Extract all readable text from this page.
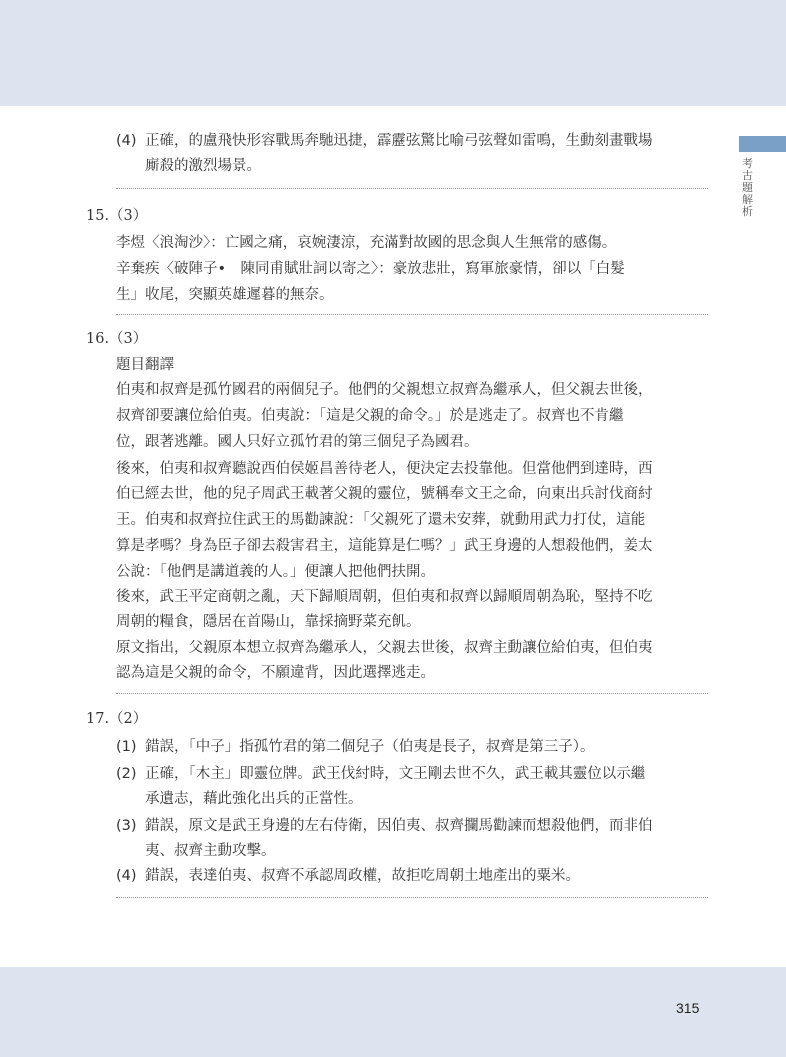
考古題解析
(4) 正確，的盧飛快形容戰馬奔馳迅捷，霹靂弦驚比喻弓弦聲如雷鳴，生動刻畫戰場
廝殺的激烈場景。
15.（3）
李煜〈浪淘沙〉：亡國之痛，哀婉淒涼，充滿對故國的思念與人生無常的感傷。
辛棄疾〈破陣子•　陳同甫賦壯詞以寄之〉：豪放悲壯，寫軍旅豪情，卻以「白髮
生」收尾，突顯英雄遲暮的無奈。
16.（3）
題目翻譯
伯夷和叔齊是孤竹國君的兩個兒子。他們的父親想立叔齊為繼承人，但父親去世後，
叔齊卻要讓位給伯夷。伯夷說：「這是父親的命令。」於是逃走了。叔齊也不肯繼
位，跟著逃離。國人只好立孤竹君的第三個兒子為國君。
後來，伯夷和叔齊聽說西伯侯姬昌善待老人，便決定去投靠他。但當他們到達時，西
伯已經去世，他的兒子周武王載著父親的靈位，號稱奉文王之命，向東出兵討伐商紂
王。伯夷和叔齊拉住武王的馬勸諫說：「父親死了還未安葬，就動用武力打仗，這能
算是孝嗎？身為臣子卻去殺害君主，這能算是仁嗎？」武王身邊的人想殺他們，姜太
公說：「他們是講道義的人。」便讓人把他們扶開。
後來，武王平定商朝之亂，天下歸順周朝，但伯夷和叔齊以歸順周朝為恥，堅持不吃
周朝的糧食，隱居在首陽山，靠採摘野菜充飢。
原文指出，父親原本想立叔齊為繼承人，父親去世後，叔齊主動讓位給伯夷，但伯夷
認為這是父親的命令，不願違背，因此選擇逃走。
17.（2）
(1) 錯誤，「中子」指孤竹君的第二個兒子（伯夷是長子，叔齊是第三子）。
(2) 正確，「木主」即靈位牌。武王伐紂時，文王剛去世不久，武王載其靈位以示繼
承遺志，藉此強化出兵的正當性。
(3) 錯誤，原文是武王身邊的左右侍衛，因伯夷、叔齊攔馬勸諫而想殺他們，而非伯
夷、叔齊主動攻擊。
(4) 錯誤，表達伯夷、叔齊不承認周政權，故拒吃周朝土地產出的粟米。
315
